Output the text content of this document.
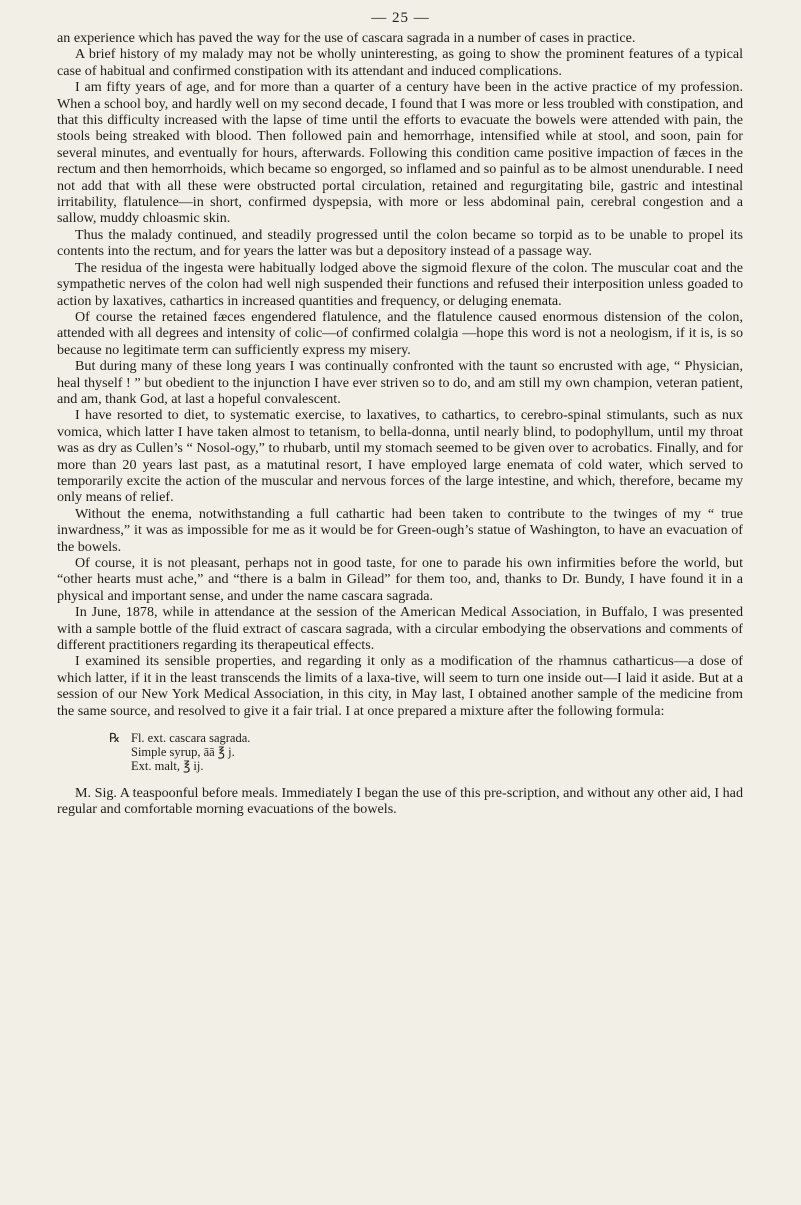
— 25 —

an experience which has paved the way for the use of cascara sagrada in a number of cases in practice.

A brief history of my malady may not be wholly uninteresting, as going to show the prominent features of a typical case of habitual and confirmed constipation with its attendant and induced complications.

I am fifty years of age, and for more than a quarter of a century have been in the active practice of my profession. When a school boy, and hardly well on my second decade, I found that I was more or less troubled with constipation, and that this difficulty increased with the lapse of time until the efforts to evacuate the bowels were attended with pain, the stools being streaked with blood. Then followed pain and hemorrhage, intensified while at stool, and soon, pain for several minutes, and eventually for hours, afterwards. Following this condition came positive impaction of fæces in the rectum and then hemorrhoids, which became so engorged, so inflamed and so painful as to be almost unendurable. I need not add that with all these were obstructed portal circulation, retained and regurgitating bile, gastric and intestinal irritability, flatulence—in short, confirmed dyspepsia, with more or less abdominal pain, cerebral congestion and a sallow, muddy chloasmic skin.

Thus the malady continued, and steadily progressed until the colon became so torpid as to be unable to propel its contents into the rectum, and for years the latter was but a depository instead of a passage way.

The residua of the ingesta were habitually lodged above the sigmoid flexure of the colon. The muscular coat and the sympathetic nerves of the colon had well nigh suspended their functions and refused their interposition unless goaded to action by laxatives, cathartics in increased quantities and frequency, or deluging enemata.

Of course the retained fæces engendered flatulence, and the flatulence caused enormous distension of the colon, attended with all degrees and intensity of colic—of confirmed colalgia —hope this word is not a neologism, if it is, is so because no legitimate term can sufficiently express my misery.

But during many of these long years I was continually confronted with the taunt so encrusted with age, “ Physician, heal thyself ! ” but obedient to the injunction I have ever striven so to do, and am still my own champion, veteran patient, and am, thank God, at last a hopeful convalescent.

I have resorted to diet, to systematic exercise, to laxatives, to cathartics, to cerebro-spinal stimulants, such as nux vomica, which latter I have taken almost to tetanism, to bella-donna, until nearly blind, to podophyllum, until my throat was as dry as Cullen’s “ Nosol-ogy,” to rhubarb, until my stomach seemed to be given over to acrobatics. Finally, and for more than 20 years last past, as a matutinal resort, I have employed large enemata of cold water, which served to temporarily excite the action of the muscular and nervous forces of the large intestine, and which, therefore, became my only means of relief.

Without the enema, notwithstanding a full cathartic had been taken to contribute to the twinges of my “ true inwardness,” it was as impossible for me as it would be for Green-ough’s statue of Washington, to have an evacuation of the bowels.

Of course, it is not pleasant, perhaps not in good taste, for one to parade his own infirmities before the world, but “other hearts must ache,” and “there is a balm in Gilead” for them too, and, thanks to Dr. Bundy, I have found it in a physical and important sense, and under the name cascara sagrada.

In June, 1878, while in attendance at the session of the American Medical Association, in Buffalo, I was presented with a sample bottle of the fluid extract of cascara sagrada, with a circular embodying the observations and comments of different practitioners regarding its therapeutical effects.

I examined its sensible properties, and regarding it only as a modification of the rhamnus catharticus—a dose of which latter, if it in the least transcends the limits of a laxa-tive, will seem to turn one inside out—I laid it aside. But at a session of our New York Medical Association, in this city, in May last, I obtained another sample of the medicine from the same source, and resolved to give it a fair trial. I at once prepared a mixture after the following formula:

℞ Fl. ext. cascara sagrada.
Simple syrup, āā ℥ j.
Ext. malt, ℥ ij.

M. Sig. A teaspoonful before meals. Immediately I began the use of this pre-scription, and without any other aid, I had regular and comfortable morning evacuations of the bowels.
